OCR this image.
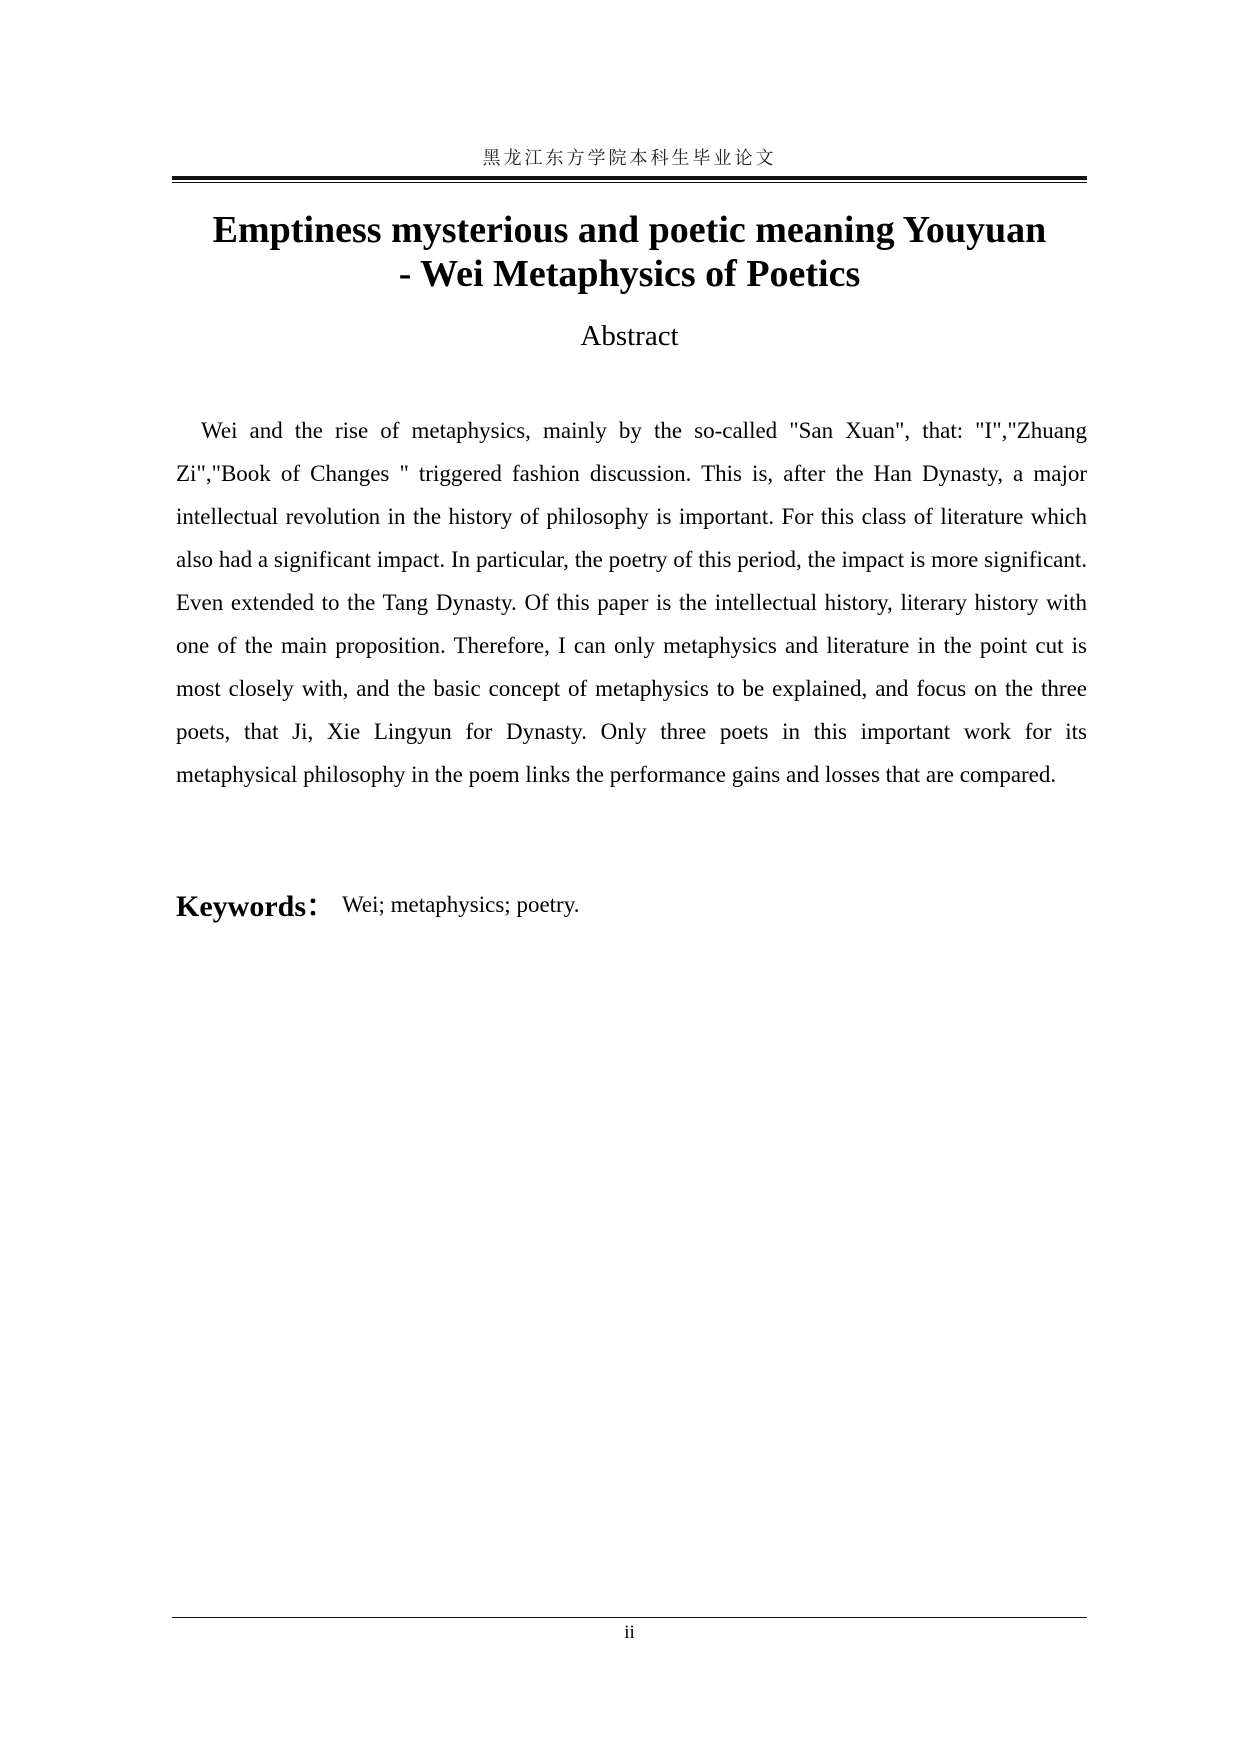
黑龙江东方学院本科生毕业论文
Emptiness mysterious and poetic meaning Youyuan
- Wei Metaphysics of Poetics
Abstract

Wei and the rise of metaphysics, mainly by the so-called "San Xuan", that: "I","Zhuang Zi","Book of Changes " triggered fashion discussion. This is, after the Han Dynasty, a major intellectual revolution in the history of philosophy is important. For this class of literature which also had a significant impact. In particular, the poetry of this period, the impact is more significant. Even extended to the Tang Dynasty. Of this paper is the intellectual history, literary history with one of the main proposition. Therefore, I can only metaphysics and literature in the point cut is most closely with, and the basic concept of metaphysics to be explained, and focus on the three poets, that Ji, Xie Lingyun for Dynasty. Only three poets in this important work for its metaphysical philosophy in the poem links the performance gains and losses that are compared.

Keywords： Wei; metaphysics; poetry.
ii
